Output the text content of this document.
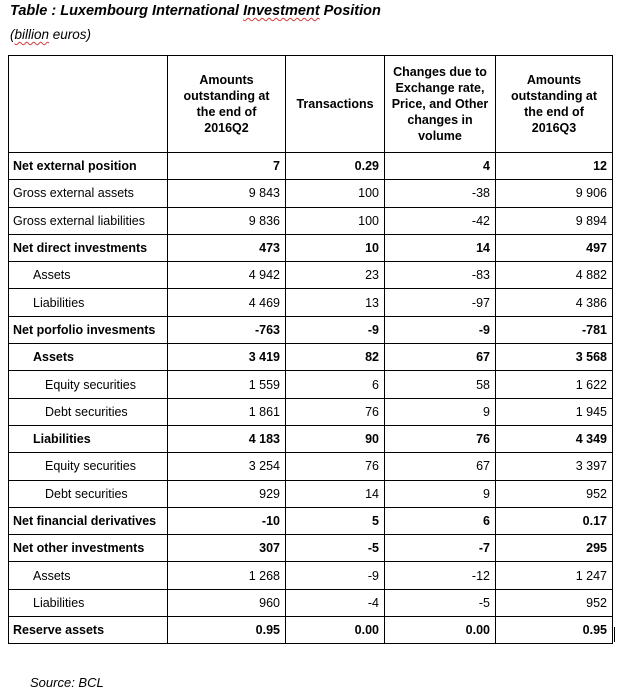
Table : Luxembourg International Investment Position
(billion euros)
	Amounts outstanding at the end of 2016Q2	Transactions	Changes due to Exchange rate, Price, and Other changes in volume	Amounts outstanding at the end of 2016Q3
Net external position	7	0.29	4	12
Gross external assets	9 843	100	-38	9 906
Gross external liabilities	9 836	100	-42	9 894
Net direct investments	473	10	14	497
Assets	4 942	23	-83	4 882
Liabilities	4 469	13	-97	4 386
Net porfolio invesments	-763	-9	-9	-781
Assets	3 419	82	67	3 568
Equity securities	1 559	6	58	1 622
Debt securities	1 861	76	9	1 945
Liabilities	4 183	90	76	4 349
Equity securities	3 254	76	67	3 397
Debt securities	929	14	9	952
Net financial derivatives	-10	5	6	0.17
Net other investments	307	-5	-7	295
Assets	1 268	-9	-12	1 247
Liabilities	960	-4	-5	952
Reserve assets	0.95	0.00	0.00	0.95
Source: BCL
